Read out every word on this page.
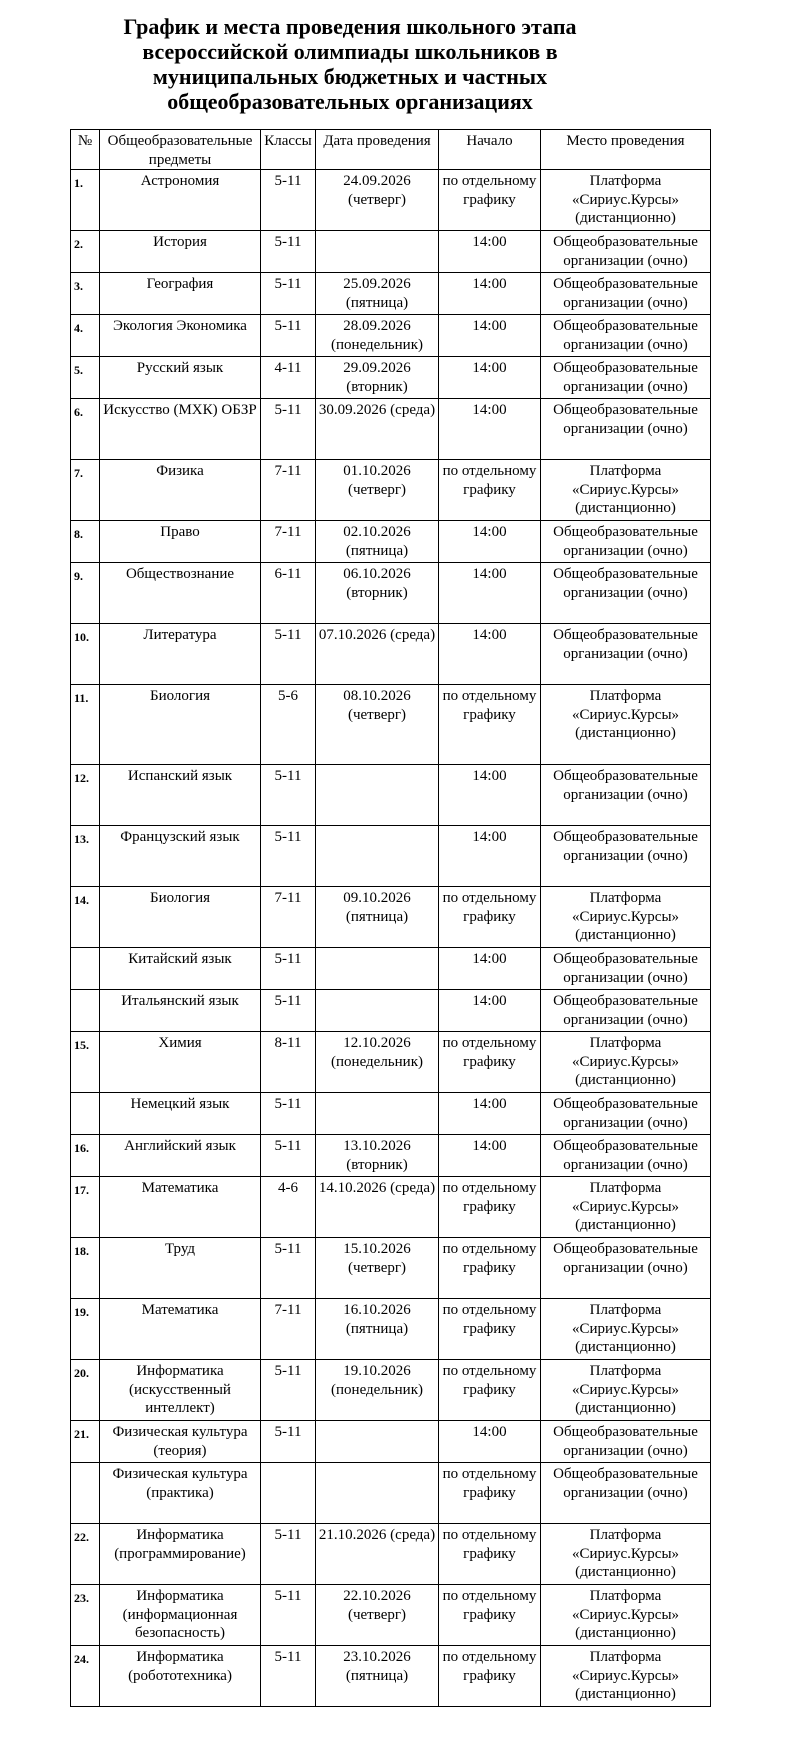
График и места проведения школьного этапа всероссийской олимпиады школьников в муниципальных бюджетных и частных общеобразовательных организациях
№	Общеобразовательные предметы	Классы	Дата проведения	Начало	Место проведения
1.	Астрономия	5-11	24.09.2026 (четверг)	по отдельному графику	Платформа «Сириус.Курсы» (дистанционно)
2.	История	5-11		14:00	Общеобразовательные организации (очно)
3.	География	5-11	25.09.2026 (пятница)	14:00	Общеобразовательные организации (очно)
4.	Экология Экономика	5-11	28.09.2026 (понедельник)	14:00	Общеобразовательные организации (очно)
5.	Русский язык	4-11	29.09.2026 (вторник)	14:00	Общеобразовательные организации (очно)
6.	Искусство (МХК) ОБЗР	5-11	30.09.2026 (среда)	14:00	Общеобразовательные организации (очно)
7.	Физика	7-11	01.10.2026 (четверг)	по отдельному графику	Платформа «Сириус.Курсы» (дистанционно)
8.	Право	7-11	02.10.2026 (пятница)	14:00	Общеобразовательные организации (очно)
9.	Обществознание	6-11	06.10.2026 (вторник)	14:00	Общеобразовательные организации (очно)
10.	Литература	5-11	07.10.2026 (среда)	14:00	Общеобразовательные организации (очно)
11.	Биология	5-6	08.10.2026 (четверг)	по отдельному графику	Платформа «Сириус.Курсы» (дистанционно)
12.	Испанский язык	5-11		14:00	Общеобразовательные организации (очно)
13.	Французский язык	5-11		14:00	Общеобразовательные организации (очно)
14.	Биология	7-11	09.10.2026 (пятница)	по отдельному графику	Платформа «Сириус.Курсы» (дистанционно)
	Китайский язык	5-11		14:00	Общеобразовательные организации (очно)
	Итальянский язык	5-11		14:00	Общеобразовательные организации (очно)
15.	Химия	8-11	12.10.2026 (понедельник)	по отдельному графику	Платформа «Сириус.Курсы» (дистанционно)
	Немецкий язык	5-11		14:00	Общеобразовательные организации (очно)
16.	Английский язык	5-11	13.10.2026 (вторник)	14:00	Общеобразовательные организации (очно)
17.	Математика	4-6	14.10.2026 (среда)	по отдельному графику	Платформа «Сириус.Курсы» (дистанционно)
18.	Труд	5-11	15.10.2026 (четверг)	по отдельному графику	Общеобразовательные организации (очно)
19.	Математика	7-11	16.10.2026 (пятница)	по отдельному графику	Платформа «Сириус.Курсы» (дистанционно)
20.	Информатика (искусственный интеллект)	5-11	19.10.2026 (понедельник)	по отдельному графику	Платформа «Сириус.Курсы» (дистанционно)
21.	Физическая культура (теория)	5-11		14:00	Общеобразовательные организации (очно)
	Физическая культура (практика)			по отдельному графику	Общеобразовательные организации (очно)
22.	Информатика (программирование)	5-11	21.10.2026 (среда)	по отдельному графику	Платформа «Сириус.Курсы» (дистанционно)
23.	Информатика (информационная безопасность)	5-11	22.10.2026 (четверг)	по отдельному графику	Платформа «Сириус.Курсы» (дистанционно)
24.	Информатика (робототехника)	5-11	23.10.2026 (пятница)	по отдельному графику	Платформа «Сириус.Курсы» (дистанционно)
